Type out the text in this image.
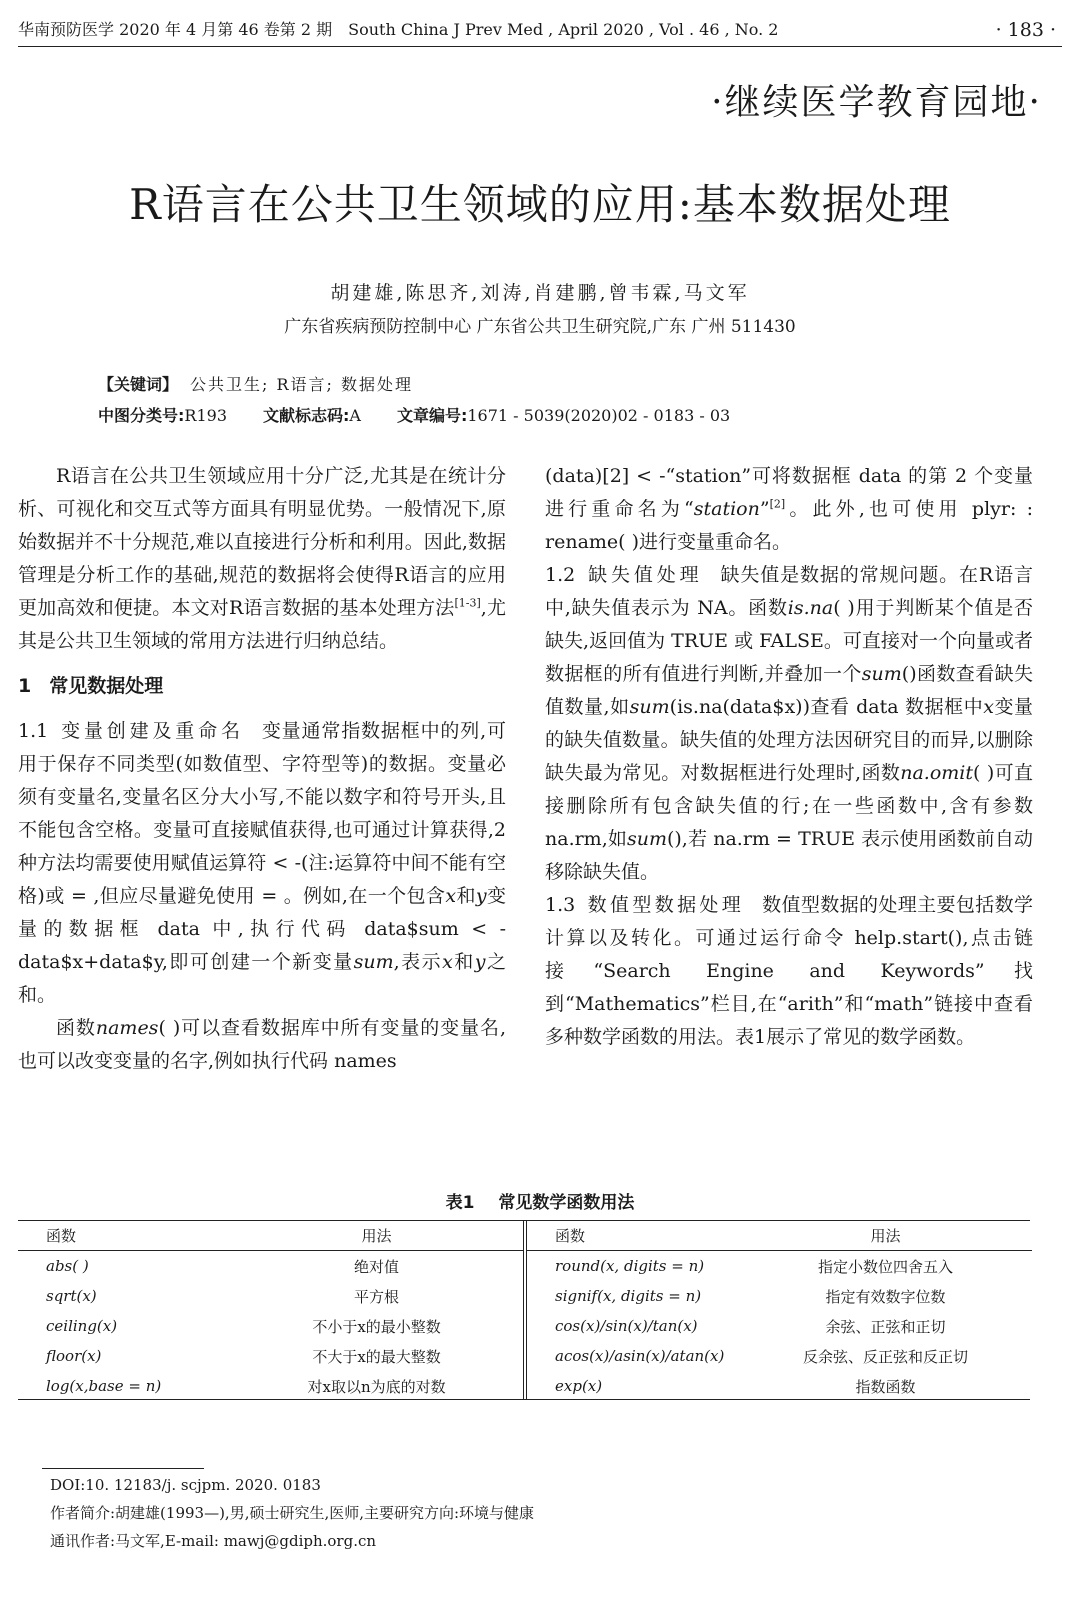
华南预防医学 2020 年 4 月第 46 卷第 2 期 South China J Prev Med , April 2020 , Vol . 46 , No. 2	· 183 ·
·继续医学教育园地·
R语言在公共卫生领域的应用:基本数据处理
胡建雄,陈思齐,刘涛,肖建鹏,曾韦霖,马文军
广东省疾病预防控制中心 广东省公共卫生研究院,广东 广州 511430
【关键词】 公共卫生; R语言; 数据处理
中图分类号:R193 文献标志码:A 文章编号:1671 - 5039(2020)02 - 0183 - 03

R语言在公共卫生领域应用十分广泛,尤其是在统计分析、可视化和交互式等方面具有明显优势。一般情况下,原始数据并不十分规范,难以直接进行分析和利用。因此,数据管理是分析工作的基础,规范的数据将会使得R语言的应用更加高效和便捷。本文对R语言数据的基本处理方法[1-3],尤其是公共卫生领域的常用方法进行归纳总结。

1 常见数据处理

1.1 变量创建及重命名 变量通常指数据框中的列,可用于保存不同类型(如数值型、字符型等)的数据。变量必须有变量名,变量名区分大小写,不能以数字和符号开头,且不能包含空格。变量可直接赋值获得,也可通过计算获得,2种方法均需要使用赋值运算符 < -(注:运算符中间不能有空格)或 = ,但应尽量避免使用 = 。例如,在一个包含x和y变量的数据框 data 中,执行代码 data$sum < -data$x+data$y,即可创建一个新变量sum,表示x和y之和。

函数names( )可以查看数据库中所有变量的变量名,也可以改变变量的名字,例如执行代码 names

(data)[2] < -“station”可将数据框 data 的第 2 个变量进行重命名为“station”[2]。此外,也可使用 plyr: : rename( )进行变量重命名。

1.2 缺失值处理 缺失值是数据的常规问题。在R语言中,缺失值表示为 NA。函数is.na( )用于判断某个值是否缺失,返回值为 TRUE 或 FALSE。可直接对一个向量或者数据框的所有值进行判断,并叠加一个sum()函数查看缺失值数量,如sum(is.na(data$x))查看 data 数据框中x变量的缺失值数量。缺失值的处理方法因研究目的而异,以删除缺失最为常见。对数据框进行处理时,函数na.omit( )可直接删除所有包含缺失值的行;在一些函数中,含有参数 na.rm,如sum(),若 na.rm = TRUE 表示使用函数前自动移除缺失值。

1.3 数值型数据处理 数值型数据的处理主要包括数学计算以及转化。可通过运行命令 help.start(),点击链接“Search Engine and Keywords”找到“Mathematics”栏目,在“arith”和“math”链接中查看多种数学函数的用法。表1展示了常见的数学函数。

表1 常见数学函数用法
函数	用法
abs( )	绝对值
sqrt(x)	平方根
ceiling(x)	不小于x的最小整数
floor(x)	不大于x的最大整数
log(x,base = n)	对x取以n为底的对数
函数	用法
round(x, digits = n)	指定小数位四舍五入
signif(x, digits = n)	指定有效数字位数
cos(x)/sin(x)/tan(x)	余弦、正弦和正切
acos(x)/asin(x)/atan(x)	反余弦、反正弦和反正切
exp(x)	指数函数
DOI:10. 12183/j. scjpm. 2020. 0183
作者简介:胡建雄(1993—),男,硕士研究生,医师,主要研究方向:环境与健康
通讯作者:马文军,E-mail: mawj@gdiph.org.cn
